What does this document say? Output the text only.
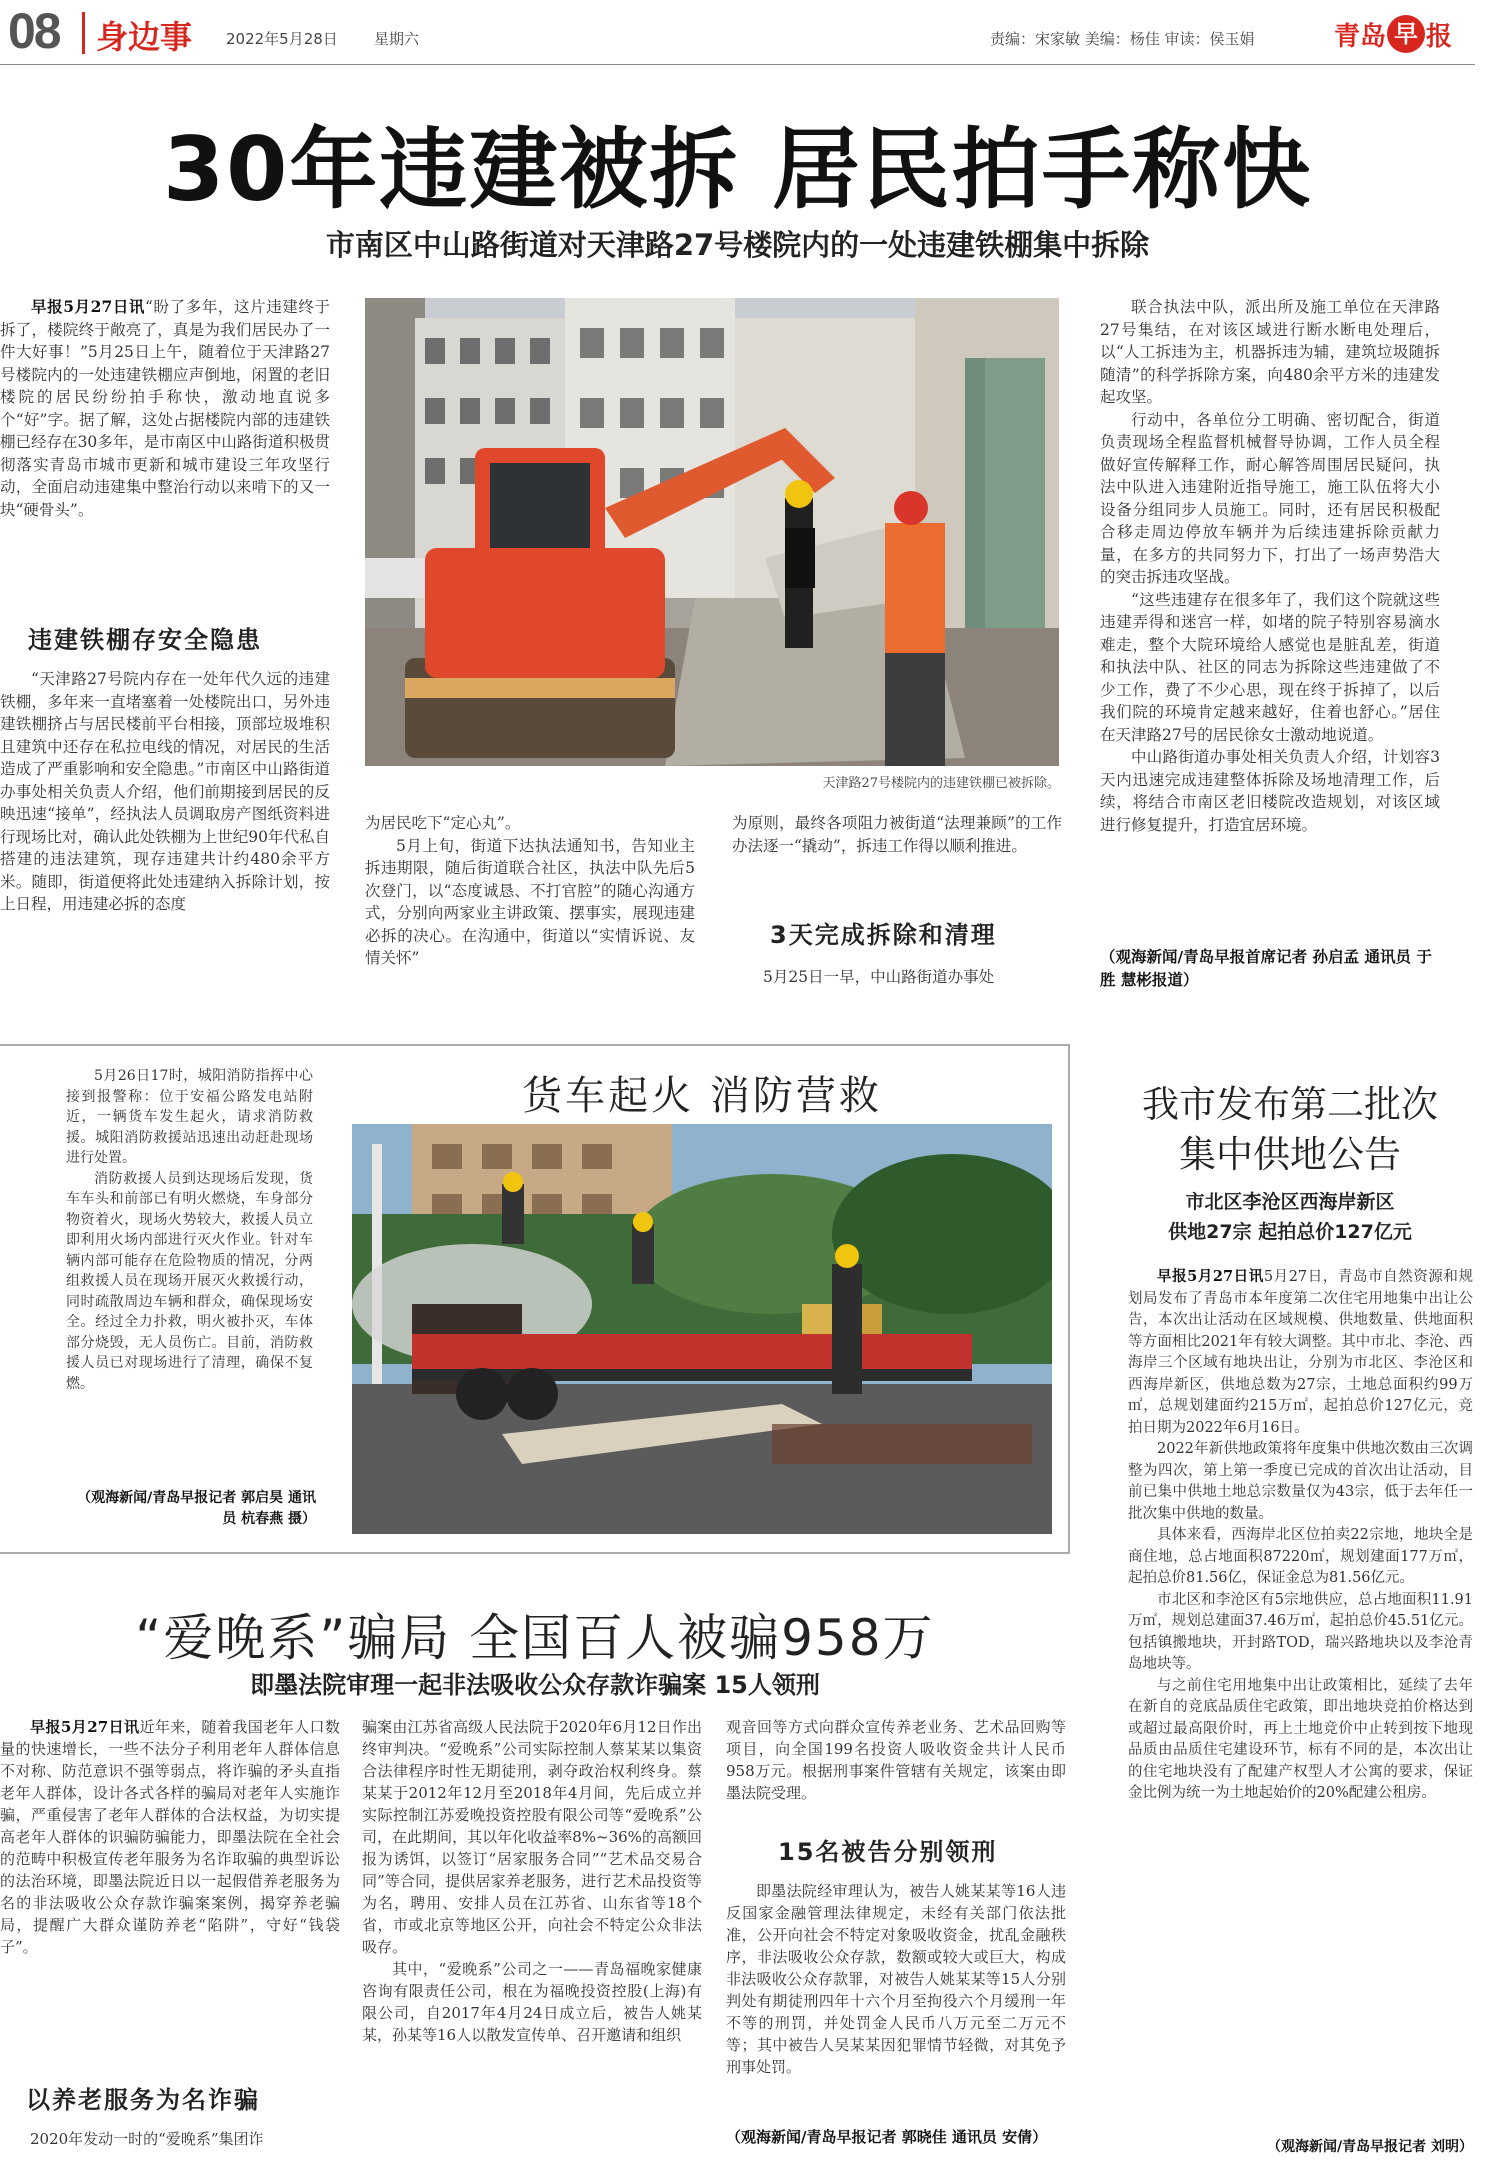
08 身边事 2022年5月28日 星期六	责编：宋家敏 美编：杨佳 审读：侯玉娟	青岛 早 报
30年违建被拆 居民拍手称快
市南区中山路街道对天津路27号楼院内的一处违建铁棚集中拆除

早报5月27日讯“盼了多年，这片违建终于拆了，楼院终于敞亮了，真是为我们居民办了一件大好事！”5月25日上午，随着位于天津路27号楼院内的一处违建铁棚应声倒地，闲置的老旧楼院的居民纷纷拍手称快，激动地直说多个“好”字。据了解，这处占据楼院内部的违建铁棚已经存在30多年，是市南区中山路街道积极贯彻落实青岛市城市更新和城市建设三年攻坚行动，全面启动违建集中整治行动以来啃下的又一块“硬骨头”。

违建铁棚存安全隐患

“天津路27号院内存在一处年代久远的违建铁棚，多年来一直堵塞着一处楼院出口，另外违建铁棚挤占与居民楼前平台相接，顶部垃圾堆积且建筑中还存在私拉电线的情况，对居民的生活造成了严重影响和安全隐患。”市南区中山路街道办事处相关负责人介绍，他们前期接到居民的反映迅速“接单”，经执法人员调取房产图纸资料进行现场比对，确认此处铁棚为上世纪90年代私自搭建的违法建筑，现存违建共计约480余平方米。随即，街道便将此处违建纳入拆除计划，按上日程，用违建必拆的态度

天津路27号楼院内的违建铁棚已被拆除。

为居民吃下“定心丸”。

5月上旬，街道下达执法通知书，告知业主拆违期限，随后街道联合社区，执法中队先后5次登门，以“态度诚恳、不打官腔”的随心沟通方式，分别向两家业主讲政策、摆事实，展现违建必拆的决心。在沟通中，街道以“实情诉说、友情关怀”

为原则，最终各项阻力被街道“法理兼顾”的工作办法逐一“撬动”，拆违工作得以顺利推进。

3天完成拆除和清理

5月25日一早，中山路街道办事处

联合执法中队，派出所及施工单位在天津路27号集结，在对该区域进行断水断电处理后，以“人工拆违为主，机器拆违为辅，建筑垃圾随拆随清”的科学拆除方案，向480余平方米的违建发起攻坚。

行动中，各单位分工明确、密切配合，街道负责现场全程监督机械督导协调，工作人员全程做好宣传解释工作，耐心解答周围居民疑问，执法中队进入违建附近指导施工，施工队伍将大小设备分组同步人员施工。同时，还有居民积极配合移走周边停放车辆并为后续违建拆除贡献力量，在多方的共同努力下，打出了一场声势浩大的突击拆违攻坚战。

“这些违建存在很多年了，我们这个院就这些违建弄得和迷宫一样，如堵的院子特别容易滴水难走，整个大院环境给人感觉也是脏乱差，街道和执法中队、社区的同志为拆除这些违建做了不少工作，费了不少心思，现在终于拆掉了，以后我们院的环境肯定越来越好，住着也舒心。”居住在天津路27号的居民徐女士激动地说道。

中山路街道办事处相关负责人介绍，计划容3天内迅速完成违建整体拆除及场地清理工作，后续，将结合市南区老旧楼院改造规划，对该区域进行修复提升，打造宜居环境。

（观海新闻/青岛早报首席记者 孙启孟 通讯员 于胜 慧彬报道）

5月26日17时，城阳消防指挥中心接到报警称：位于安福公路发电站附近，一辆货车发生起火，请求消防救援。城阳消防救援站迅速出动赶赴现场进行处置。

消防救援人员到达现场后发现，货车车头和前部已有明火燃烧，车身部分物资着火，现场火势较大，救援人员立即利用火场内部进行灭火作业。针对车辆内部可能存在危险物质的情况，分两组救援人员在现场开展灭火救援行动，同时疏散周边车辆和群众，确保现场安全。经过全力扑救，明火被扑灭，车体部分烧毁，无人员伤亡。目前，消防救援人员已对现场进行了清理，确保不复燃。

（观海新闻/青岛早报记者 郭启昊 通讯员 杭春燕 摄）
货车起火 消防营救	我市发布第二批次
集中供地公告
市北区李沧区西海岸新区
供地27宗 起拍总价127亿元

早报5月27日讯5月27日，青岛市自然资源和规划局发布了青岛市本年度第二次住宅用地集中出让公告，本次出让活动在区域规模、供地数量、供地面积等方面相比2021年有较大调整。其中市北、李沧、西海岸三个区域有地块出让，分别为市北区、李沧区和西海岸新区，供地总数为27宗，土地总面积约99万㎡，总规划建面约215万㎡，起拍总价127亿元，竞拍日期为2022年6月16日。

2022年新供地政策将年度集中供地次数由三次调整为四次，第上第一季度已完成的首次出让活动，目前已集中供地土地总宗数量仅为43宗，低于去年任一批次集中供地的数量。

具体来看，西海岸北区位拍卖22宗地，地块全是商住地，总占地面积87220㎡，规划建面177万㎡，起拍总价81.56亿，保证金总为81.56亿元。

市北区和李沧区有5宗地供应，总占地面积11.91万㎡，规划总建面37.46万㎡，起拍总价45.51亿元。包括镇搬地块，开封路TOD，瑞兴路地块以及李沧青岛地块等。

与之前住宅用地集中出让政策相比，延续了去年在新自的竞底品质住宅政策，即出地块竞拍价格达到或超过最高限价时，再上土地竞价中止转到按下地现品质由品质住宅建设环节，标有不同的是，本次出让的住宅地块没有了配建产权型人才公寓的要求，保证金比例为统一为土地起始价的20%配建公租房。

（观海新闻/青岛早报记者 刘明）
“爱晚系”骗局 全国百人被骗958万
即墨法院审理一起非法吸收公众存款诈骗案 15人领刑

早报5月27日讯近年来，随着我国老年人口数量的快速增长，一些不法分子利用老年人群体信息不对称、防范意识不强等弱点，将诈骗的矛头直指老年人群体，设计各式各样的骗局对老年人实施诈骗，严重侵害了老年人群体的合法权益，为切实提高老年人群体的识骗防骗能力，即墨法院在全社会的范畴中积极宣传老年服务为名诈取骗的典型诉讼的法治环境，即墨法院近日以一起假借养老服务为名的非法吸收公众存款诈骗案案例，揭穿养老骗局，提醒广大群众谨防养老“陷阱”，守好“钱袋子”。

以养老服务为名诈骗

2020年发动一时的“爱晚系”集团诈

骗案由江苏省高级人民法院于2020年6月12日作出终审判决。“爱晚系”公司实际控制人蔡某某以集资合法律程序时性无期徒刑，剥夺政治权利终身。蔡某某于2012年12月至2018年4月间，先后成立并实际控制江苏爱晚投资控股有限公司等“爱晚系”公司，在此期间，其以年化收益率8%~36%的高额回报为诱饵，以签订“居家服务合同”“艺术品交易合同”等合同，提供居家养老服务，进行艺术品投资等为名，聘用、安排人员在江苏省、山东省等18个省，市或北京等地区公开，向社会不特定公众非法吸存。

其中，“爱晚系”公司之一——青岛福晚家健康咨询有限责任公司，根在为福晚投资控股(上海)有限公司，自2017年4月24日成立后，被告人姚某某，孙某等16人以散发宣传单、召开邀请和组织

观音回等方式向群众宣传养老业务、艺术品回购等项目，向全国199名投资人吸收资金共计人民币958万元。根据刑事案件管辖有关规定，该案由即墨法院受理。

15名被告分别领刑

即墨法院经审理认为，被告人姚某某等16人违反国家金融管理法律规定，未经有关部门依法批准，公开向社会不特定对象吸收资金，扰乱金融秩序，非法吸收公众存款，数额或较大或巨大，构成非法吸收公众存款罪，对被告人姚某某等15人分别判处有期徒刑四年十六个月至拘役六个月缓刑一年不等的刑罚，并处罚金人民币八万元至二万元不等；其中被告人吴某某因犯罪情节轻微，对其免予刑事处罚。

（观海新闻/青岛早报记者 郭晓佳 通讯员 安倩）
